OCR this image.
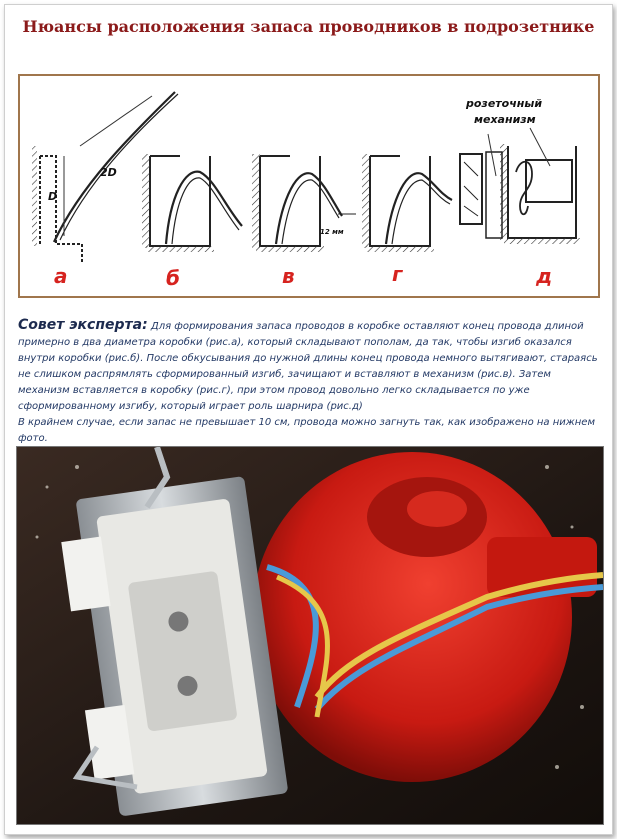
Нюансы расположения запаса проводников в подрозетнике
2D
D
12 мм
розеточный
механизм
а	б	в	г	д
Совет эксперта: Для формирования запаса проводов в коробке оставляют конец провода длиной примерно в два диаметра коробки (рис.а), который складывают пополам, да так, чтобы изгиб оказался внутри коробки (рис.б). После обкусывания до нужной длины конец провода немного вытягивают, стараясь не слишком распрямлять сформированный изгиб, зачищают и вставляют в механизм (рис.в). Затем механизм вставляется в коробку (рис.г), при этом провод довольно легко складывается по уже сформированному изгибу, который играет роль шарнира (рис.д)
В крайнем случае, если запас не превышает 10 см, провода можно загнуть так, как изображено на нижнем фото.
